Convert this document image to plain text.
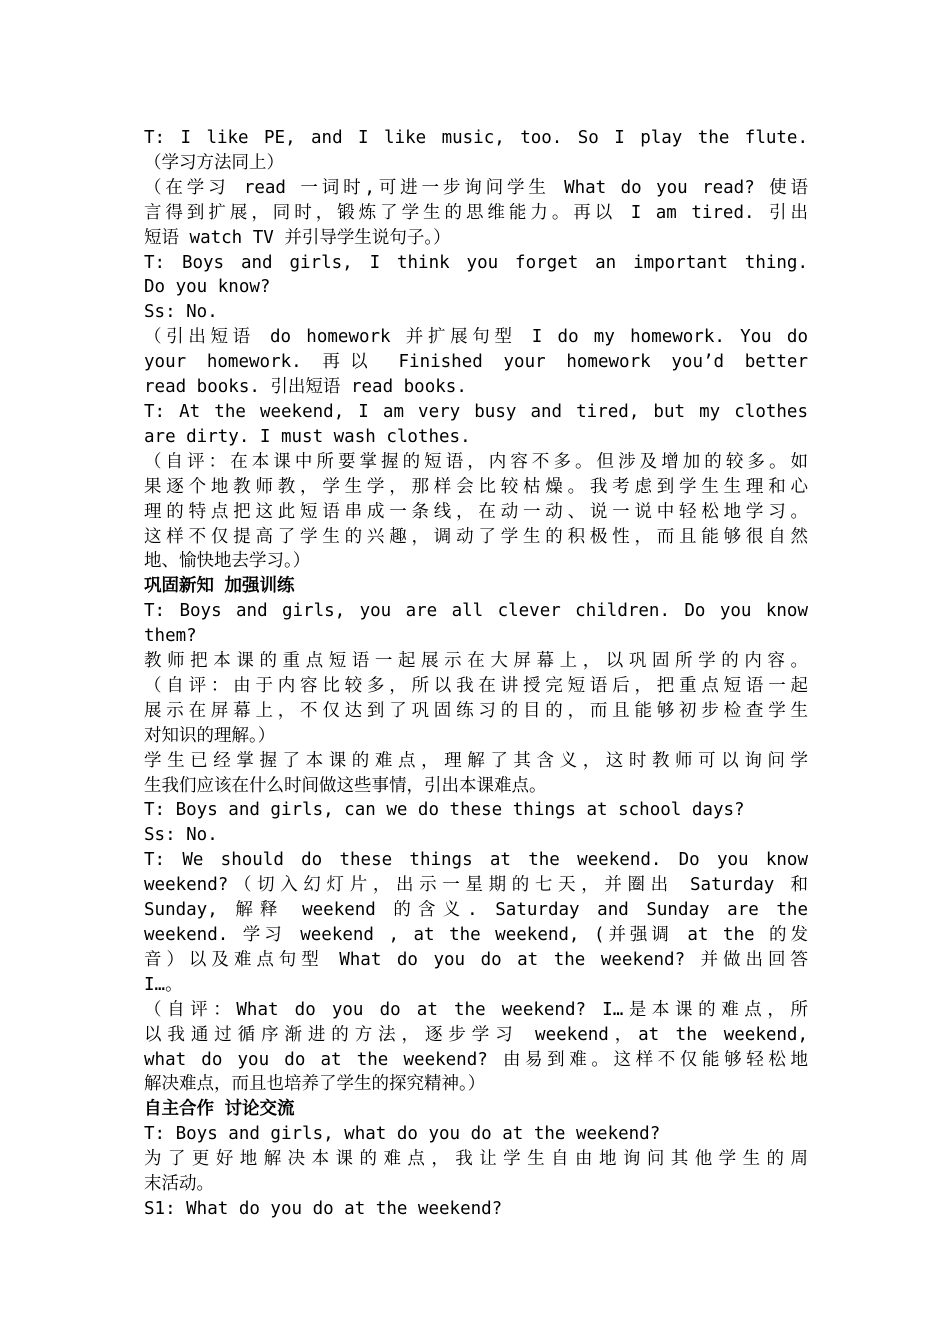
T: I like PE, and I like music, too. So I play the flute.
（学习方法同上）
（在学习 read 一词时,可进一步询问学生 What do you read? 使语
言得到扩展，同时，锻炼了学生的思维能力。再以 I am tired. 引出
短语 watch TV 并引导学生说句子。）
T: Boys and girls, I think you forget an important thing.
Do you know?
Ss: No.
（引出短语 do homework 并扩展句型 I do my homework. You do
your homework. 再以 Finished your homework you’d better
read books. 引出短语 read books.
T: At the weekend, I am very busy and tired, but my clothes
are dirty. I must wash clothes.
（自评：在本课中所要掌握的短语，内容不多。但涉及增加的较多。如
果逐个地教师教，学生学，那样会比较枯燥。我考虑到学生生理和心
理的特点把这此短语串成一条线，在动一动、说一说中轻松地学习。
这样不仅提高了学生的兴趣，调动了学生的积极性，而且能够很自然
地、愉快地去学习。）
巩固新知 加强训练
T: Boys and girls, you are all clever children. Do you know
them?
教师把本课的重点短语一起展示在大屏幕上，以巩固所学的内容。
（自评：由于内容比较多，所以我在讲授完短语后，把重点短语一起
展示在屏幕上，不仅达到了巩固练习的目的，而且能够初步检查学生
对知识的理解。）
学生已经掌握了本课的难点，理解了其含义，这时教师可以询问学
生我们应该在什么时间做这些事情，引出本课难点。
T: Boys and girls, can we do these things at school days?
Ss: No.
T: We should do these things at the weekend. Do you know
weekend?（切入幻灯片，出示一星期的七天，并圈出 Saturday 和
Sunday, 解释 weekend 的含义. Saturday and Sunday are the
weekend. 学习 weekend , at the weekend, (并强调 at the 的发
音）以及难点句型 What do you do at the weekend? 并做出回答
I…。
（自评：What do you do at the weekend? I…是本课的难点，所
以我通过循序渐进的方法，逐步学习 weekend，at the weekend,
what do you do at the weekend? 由易到难。这样不仅能够轻松地
解决难点，而且也培养了学生的探究精神。）
自主合作 讨论交流
T: Boys and girls, what do you do at the weekend?
为了更好地解决本课的难点，我让学生自由地询问其他学生的周
末活动。
S1: What do you do at the weekend?
